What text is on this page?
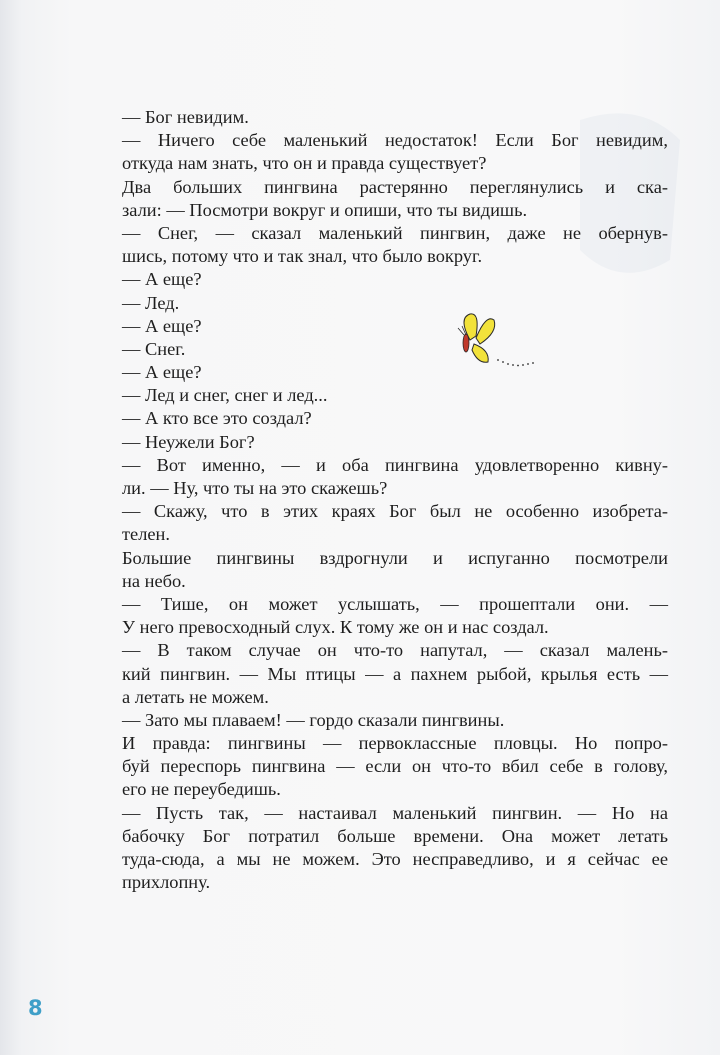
— Бог невидим.
— Ничего себе маленький недостаток! Если Бог невидим,
откуда нам знать, что он и правда существует?
Два больших пингвина растерянно переглянулись и ска-
зали: — Посмотри вокруг и опиши, что ты видишь.
— Снег, — сказал маленький пингвин, даже не обернув-
шись, потому что и так знал, что было вокруг.
— А еще?
— Лед.
— А еще?
— Снег.
— А еще?
— Лед и снег, снег и лед...
— А кто все это создал?
— Неужели Бог?
— Вот именно, — и оба пингвина удовлетворенно кивну-
ли. — Ну, что ты на это скажешь?
— Скажу, что в этих краях Бог был не особенно изобрета-
телен.
Большие пингвины вздрогнули и испуганно посмотрели
на небо.
— Тише, он может услышать, — прошептали они. —
У него превосходный слух. К тому же он и нас создал.
— В таком случае он что-то напутал, — сказал малень-
кий пингвин. — Мы птицы — а пахнем рыбой, крылья есть —
а летать не можем.
— Зато мы плаваем! — гордо сказали пингвины.
И правда: пингвины — первоклассные пловцы. Но попро-
буй переспорь пингвина — если он что-то вбил себе в голову,
его не переубедишь.
— Пусть так, — настаивал маленький пингвин. — Но на
бабочку Бог потратил больше времени. Она может летать
туда-сюда, а мы не можем. Это несправедливо, и я сейчас ее
прихлопну.
8
